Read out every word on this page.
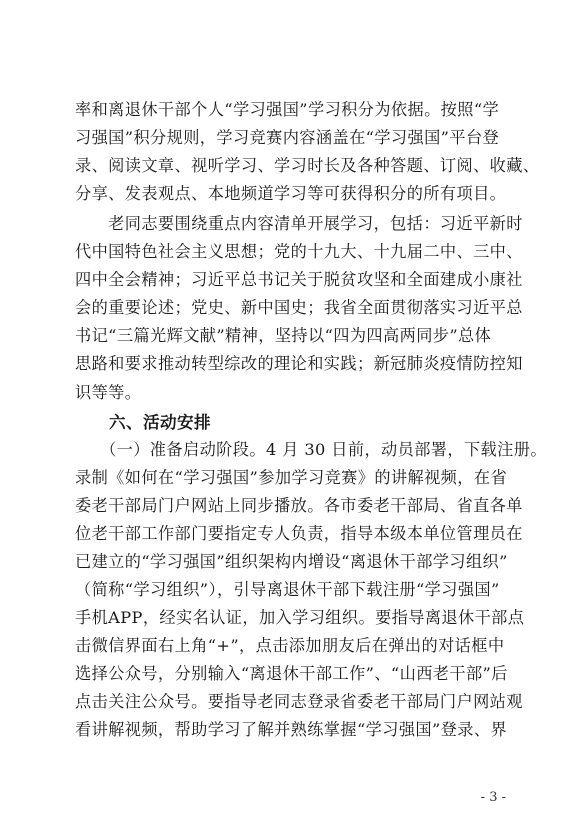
率和离退休干部个人“学习强国”学习积分为依据。按照“学
习强国”积分规则，学习竞赛内容涵盖在“学习强国”平台登
录、阅读文章、视听学习、学习时长及各种答题、订阅、收藏、
分享、发表观点、本地频道学习等可获得积分的所有项目。
　　老同志要围绕重点内容清单开展学习，包括：习近平新时
代中国特色社会主义思想；党的十九大、十九届二中、三中、
四中全会精神；习近平总书记关于脱贫攻坚和全面建成小康社
会的重要论述；党史、新中国史；我省全面贯彻落实习近平总
书记“三篇光辉文献”精神，坚持以“四为四高两同步”总体
思路和要求推动转型综改的理论和实践；新冠肺炎疫情防控知
识等等。
　　六、活动安排
　　（一）准备启动阶段。4 月 30 日前，动员部署，下载注册。
录制《如何在“学习强国”参加学习竞赛》的讲解视频，在省
委老干部局门户网站上同步播放。各市委老干部局、省直各单
位老干部工作部门要指定专人负责，指导本级本单位管理员在
已建立的“学习强国”组织架构内增设“离退休干部学习组织”
（简称“学习组织”），引导离退休干部下载注册“学习强国”
手机APP，经实名认证，加入学习组织。要指导离退休干部点
击微信界面右上角“+”，点击添加朋友后在弹出的对话框中
选择公众号，分别输入“离退休干部工作”、“山西老干部”后
点击关注公众号。要指导老同志登录省委老干部局门户网站观
看讲解视频，帮助学习了解并熟练掌握“学习强国”登录、界
- 3 -
